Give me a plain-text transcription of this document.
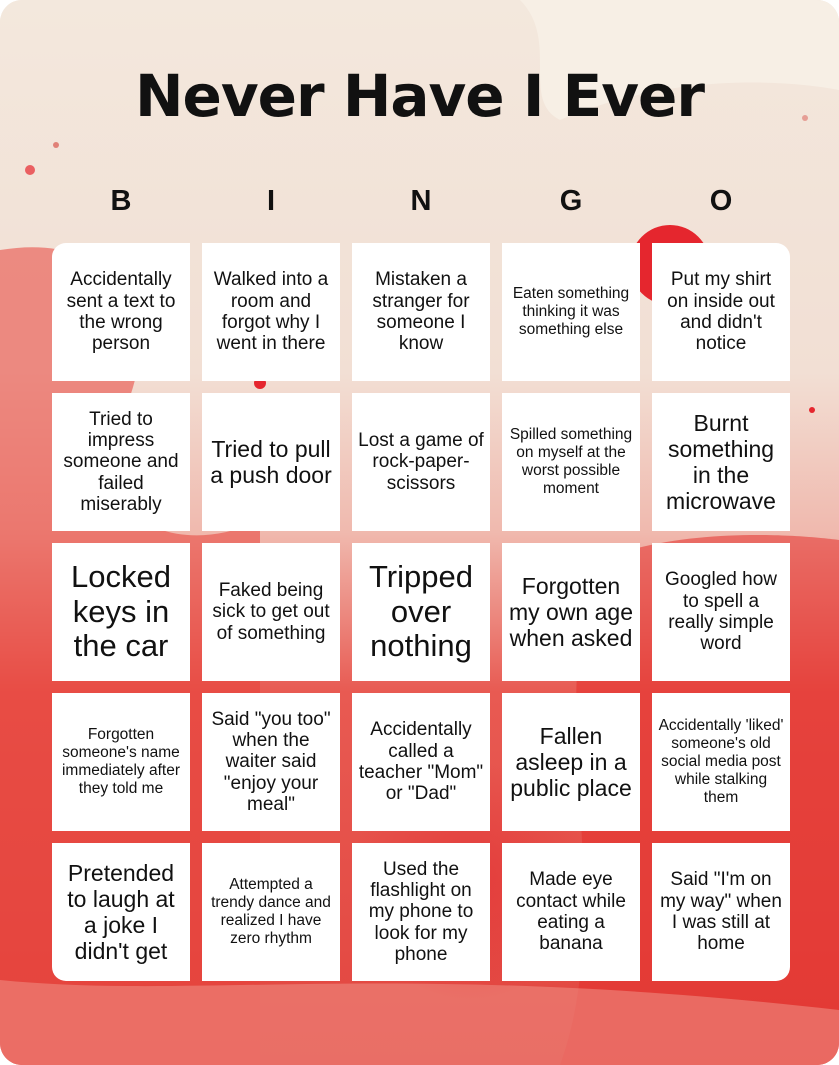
Never Have I Ever
B	I	N	G	O
Accidentally sent a text to the wrong person
Walked into a room and forgot why I went in there
Mistaken a stranger for someone I know
Eaten something thinking it was something else
Put my shirt on inside out and didn't notice
Tried to impress someone and failed miserably
Tried to pull a push door
Lost a game of rock-paper-scissors
Spilled something on myself at the worst possible moment
Burnt something in the microwave
Locked keys in the car
Faked being sick to get out of something
Tripped over nothing
Forgotten my own age when asked
Googled how to spell a really simple word
Forgotten someone's name immediately after they told me
Said "you too" when the waiter said "enjoy your meal"
Accidentally called a teacher "Mom" or "Dad"
Fallen asleep in a public place
Accidentally 'liked' someone's old social media post while stalking them
Pretended to laugh at a joke I didn't get
Attempted a trendy dance and realized I have zero rhythm
Used the flashlight on my phone to look for my phone
Made eye contact while eating a banana
Said "I'm on my way" when I was still at home
